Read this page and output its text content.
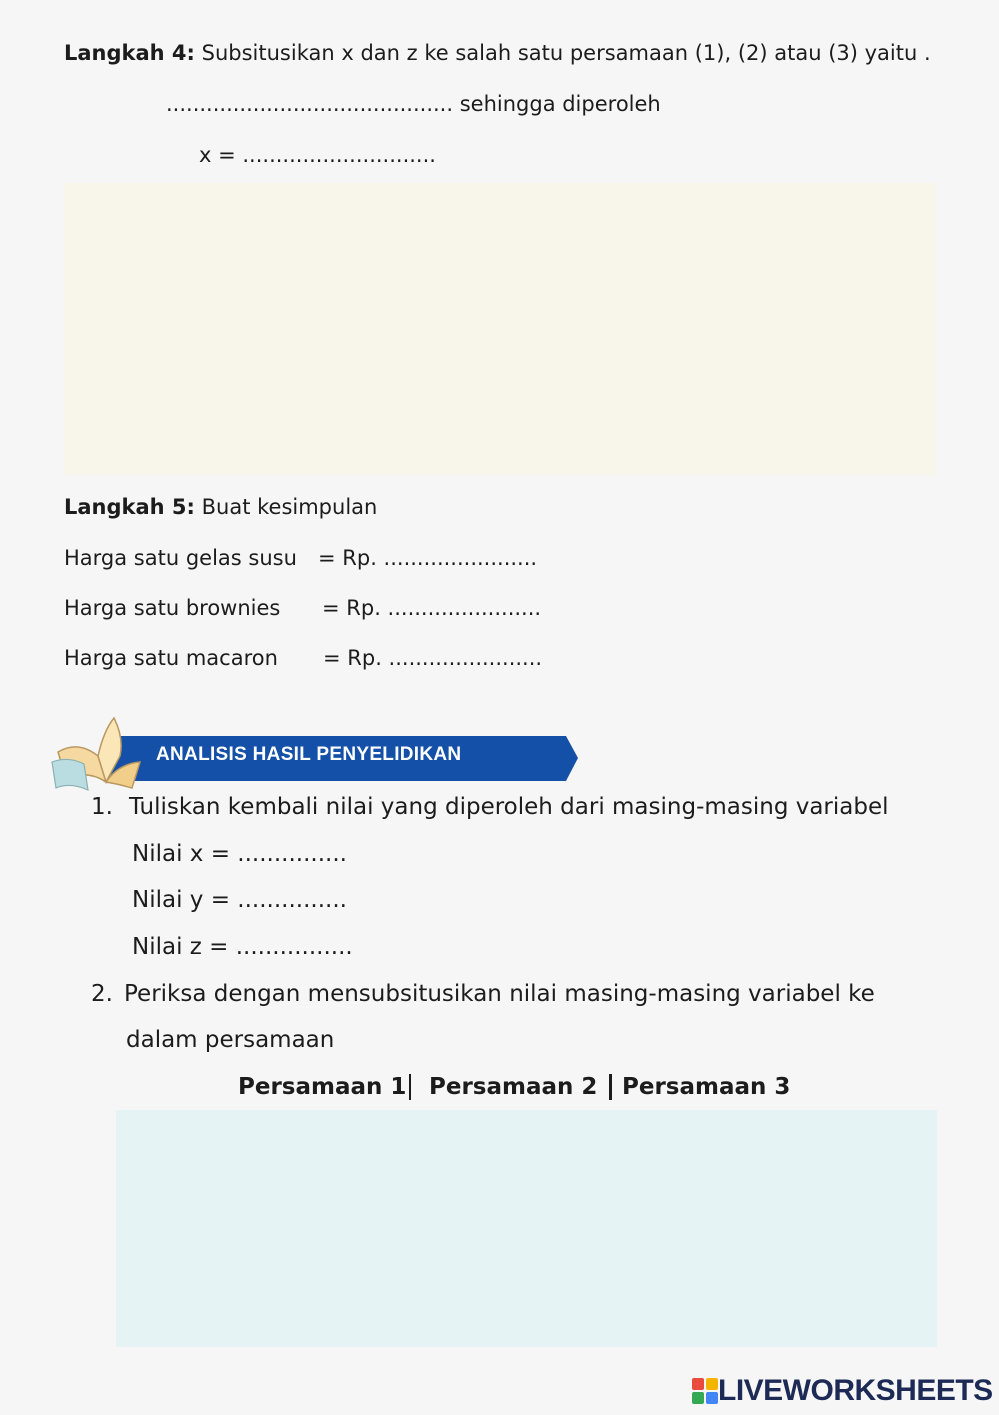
Langkah 4: Subsitusikan x dan z ke salah satu persamaan (1), (2) atau (3) yaitu .
........................................... sehingga diperoleh
x = .............................
Langkah 5: Buat kesimpulan
Harga satu gelas susu = Rp. .......................
Harga satu brownies = Rp. .......................
Harga satu macaron = Rp. .......................
ANALISIS HASIL PENYELIDIKAN
1. Tuliskan kembali nilai yang diperoleh dari masing-masing variabel
Nilai x = ...............
Nilai y = ...............
Nilai z = ................
2. Periksa dengan mensubsitusikan nilai masing-masing variabel ke
dalam persamaan
Persamaan 1 Persamaan 2 Persamaan 3
LIVEWORKSHEETS
